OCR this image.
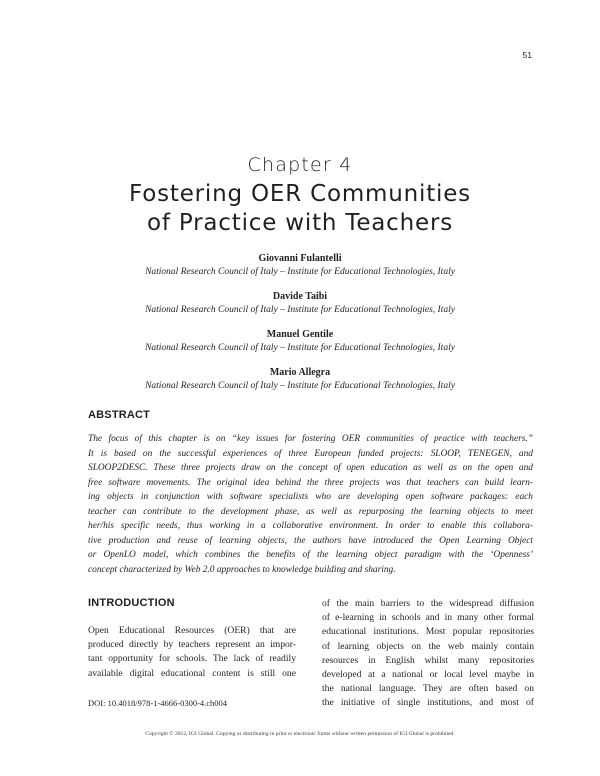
51
Chapter 4
Fostering OER Communities
of Practice with Teachers
Giovanni Fulantelli
National Research Council of Italy – Institute for Educational Technologies, Italy
Davide Taibi
National Research Council of Italy – Institute for Educational Technologies, Italy
Manuel Gentile
National Research Council of Italy – Institute for Educational Technologies, Italy
Mario Allegra
National Research Council of Italy – Institute for Educational Technologies, Italy
ABSTRACT

The focus of this chapter is on “key issues for fostering OER communities of practice with teachers.”
It is based on the successful experiences of three European funded projects: SLOOP, TENEGEN, and
SLOOP2DESC. These three projects draw on the concept of open education as well as on the open and
free software movements. The original idea behind the three projects was that teachers can build learn-
ing objects in conjunction with software specialists who are developing open software packages: each
teacher can contribute to the development phase, as well as repurposing the learning objects to meet
her/his specific needs, thus working in a collaborative environment. In order to enable this collabora-
tive production and reuse of learning objects, the authors have introduced the Open Learning Object
or OpenLO model, which combines the benefits of the learning object paradigm with the ‘Openness’
concept characterized by Web 2.0 approaches to knowledge building and sharing.

INTRODUCTION
Open Educational Resources (OER) that are
produced directly by teachers represent an impor-
tant opportunity for schools. The lack of readily
available digital educational content is still one
of the main barriers to the widespread diffusion
of e-learning in schools and in many other formal
educational institutions. Most popular repositories
of learning objects on the web mainly contain
resources in English whilst many repositories
developed at a national or local level maybe in
the national language. They are often based on
the initiative of single institutions, and most of
DOI: 10.4018/978-1-4666-0300-4.ch004
Copyright © 2012, IGI Global. Copying or distributing in print or electronic forms without written permission of IGI Global is prohibited.
